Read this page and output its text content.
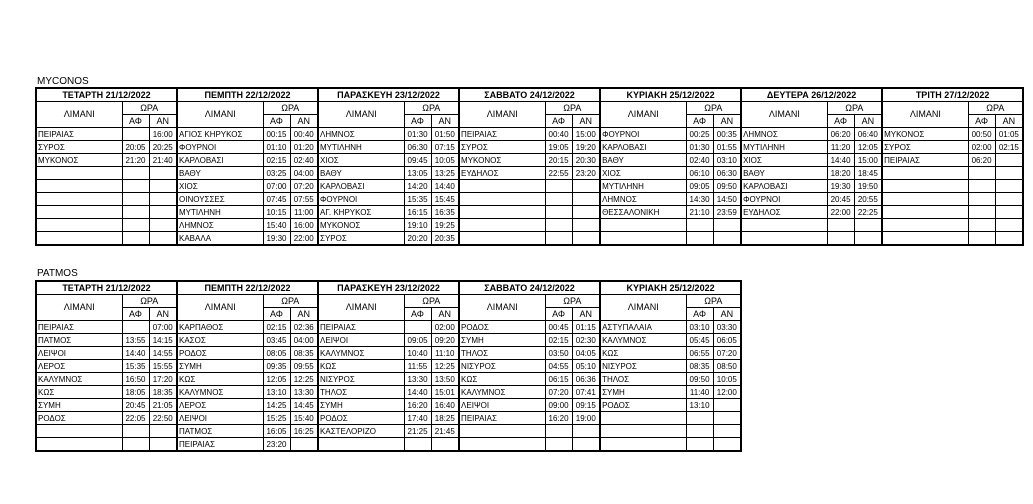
MYCONOS
ΤΕΤΑΡΤΗ 21/12/2022			ΠΕΜΠΤΗ 22/12/2022			ΠΑΡΑΣΚΕΥΗ 23/12/2022			ΣΑΒΒΑΤΟ 24/12/2022			ΚΥΡΙΑΚΗ 25/12/2022			ΔΕΥΤΕΡΑ 26/12/2022			ΤΡΙΤΗ 27/12/2022		
ΛΙΜΑΝΙ	ΩΡΑ		ΛΙΜΑΝΙ	ΩΡΑ		ΛΙΜΑΝΙ	ΩΡΑ		ΛΙΜΑΝΙ	ΩΡΑ		ΛΙΜΑΝΙ	ΩΡΑ		ΛΙΜΑΝΙ	ΩΡΑ		ΛΙΜΑΝΙ	ΩΡΑ	
	ΑΦ	ΑΝ		ΑΦ	ΑΝ		ΑΦ	ΑΝ		ΑΦ	ΑΝ		ΑΦ	ΑΝ		ΑΦ	ΑΝ		ΑΦ	ΑΝ
ΠΕΙΡΑΙΑΣ		16:00	ΑΓΙΟΣ ΚΗΡΥΚΟΣ	00:15	00:40	ΛΗΜΝΟΣ	01:30	01:50	ΠΕΙΡΑΙΑΣ	00:40	15:00	ΦΟΥΡΝΟΙ	00:25	00:35	ΛΗΜΝΟΣ	06:20	06:40	ΜΥΚΟΝΟΣ	00:50	01:05
ΣΥΡΟΣ	20:05	20:25	ΦΟΥΡΝΟΙ	01:10	01:20	ΜΥΤΙΛΗΝΗ	06:30	07:15	ΣΥΡΟΣ	19:05	19:20	ΚΑΡΛΟΒΑΣΙ	01:30	01:55	ΜΥΤΙΛΗΝΗ	11:20	12:05	ΣΥΡΟΣ	02:00	02:15
ΜΥΚΟΝΟΣ	21:20	21:40	ΚΑΡΛΟΒΑΣΙ	02:15	02:40	ΧΙΟΣ	09:45	10:05	ΜΥΚΟΝΟΣ	20:15	20:30	ΒΑΘΥ	02:40	03:10	ΧΙΟΣ	14:40	15:00	ΠΕΙΡΑΙΑΣ	06:20	
			ΒΑΘΥ	03:25	04:00	ΒΑΘΥ	13:05	13:25	ΕΥΔΗΛΟΣ	22:55	23:20	ΧΙΟΣ	06:10	06:30	ΒΑΘΥ	18:20	18:45			
			ΧΙΟΣ	07:00	07:20	ΚΑΡΛΟΒΑΣΙ	14:20	14:40				ΜΥΤΙΛΗΝΗ	09:05	09:50	ΚΑΡΛΟΒΑΣΙ	19:30	19:50			
			ΟΙΝΟΥΣΣΕΣ	07:45	07:55	ΦΟΥΡΝΟΙ	15:35	15:45				ΛΗΜΝΟΣ	14:30	14:50	ΦΟΥΡΝΟΙ	20:45	20:55			
			ΜΥΤΙΛΗΝΗ	10:15	11:00	ΑΓ. ΚΗΡΥΚΟΣ	16:15	16:35				ΘΕΣΣΑΛΟΝΙΚΗ	21:10	23:59	ΕΥΔΗΛΟΣ	22:00	22:25			
			ΛΗΜΝΟΣ	15:40	16:00	ΜΥΚΟΝΟΣ	19:10	19:25												
			ΚΑΒΑΛΑ	19:30	22:00	ΣΥΡΟΣ	20:20	20:35												
PATMOS
ΤΕΤΑΡΤΗ 21/12/2022			ΠΕΜΠΤΗ 22/12/2022			ΠΑΡΑΣΚΕΥΗ 23/12/2022			ΣΑΒΒΑΤΟ 24/12/2022			ΚΥΡΙΑΚΗ 25/12/2022		
ΛΙΜΑΝΙ	ΩΡΑ		ΛΙΜΑΝΙ	ΩΡΑ		ΛΙΜΑΝΙ	ΩΡΑ		ΛΙΜΑΝΙ	ΩΡΑ		ΛΙΜΑΝΙ	ΩΡΑ	
	ΑΦ	ΑΝ		ΑΦ	ΑΝ		ΑΦ	ΑΝ		ΑΦ	ΑΝ		ΑΦ	ΑΝ
ΠΕΙΡΑΙΑΣ		07:00	ΚΑΡΠΑΘΟΣ	02:15	02:36	ΠΕΙΡΑΙΑΣ		02:00	ΡΟΔΟΣ	00:45	01:15	ΑΣΤΥΠΑΛΑΙΑ	03:10	03:30
ΠΑΤΜΟΣ	13:55	14:15	ΚΑΣΟΣ	03:45	04:00	ΛΕΙΨΟΙ	09:05	09:20	ΣΥΜΗ	02:15	02:30	ΚΑΛΥΜΝΟΣ	05:45	06:05
ΛΕΙΨΟΙ	14:40	14:55	ΡΟΔΟΣ	08:05	08:35	ΚΑΛΥΜΝΟΣ	10:40	11:10	ΤΗΛΟΣ	03:50	04:05	ΚΩΣ	06:55	07:20
ΛΕΡΟΣ	15:35	15:55	ΣΥΜΗ	09:35	09:55	ΚΩΣ	11:55	12:25	ΝΙΣΥΡΟΣ	04:55	05:10	ΝΙΣΥΡΟΣ	08:35	08:50
ΚΑΛΥΜΝΟΣ	16:50	17:20	ΚΩΣ	12:05	12:25	ΝΙΣΥΡΟΣ	13:30	13:50	ΚΩΣ	06:15	06:36	ΤΗΛΟΣ	09:50	10:05
ΚΩΣ	18:05	18:35	ΚΑΛΥΜΝΟΣ	13:10	13:30	ΤΗΛΟΣ	14:40	15:01	ΚΑΛΥΜΝΟΣ	07:20	07:41	ΣΥΜΗ	11:40	12:00
ΣΥΜΗ	20:45	21:05	ΛΕΡΟΣ	14:25	14:45	ΣΥΜΗ	16:20	16:40	ΛΕΙΨΟΙ	09:00	09:15	ΡΟΔΟΣ	13:10	
ΡΟΔΟΣ	22:05	22:50	ΛΕΙΨΟΙ	15:25	15:40	ΡΟΔΟΣ	17:40	18:25	ΠΕΙΡΑΙΑΣ	16:20	19:00			
			ΠΑΤΜΟΣ	16:05	16:25	ΚΑΣΤΕΛΟΡΙΖΟ	21:25	21:45						
			ΠΕΙΡΑΙΑΣ	23:20										
